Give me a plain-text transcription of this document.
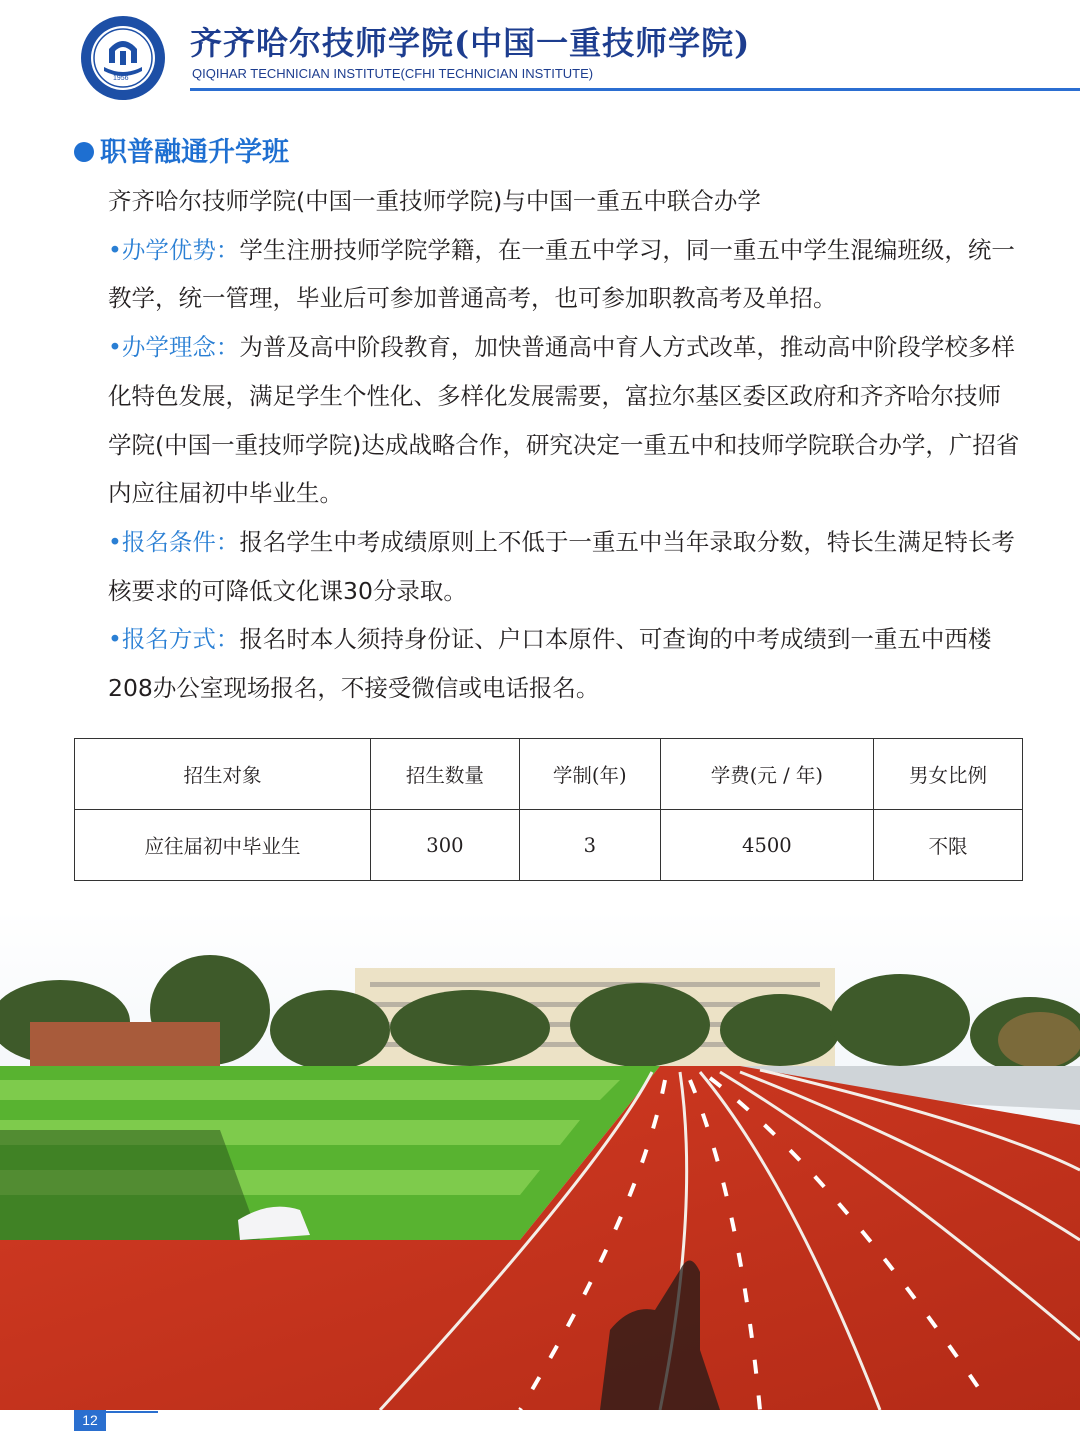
1956
齐齐哈尔技师学院(中国一重技师学院)
QIQIHAR TECHNICIAN INSTITUTE(CFHI TECHNICIAN INSTITUTE)
职普融通升学班

齐齐哈尔技师学院(中国一重技师学院)与中国一重五中联合办学

•办学优势：学生注册技师学院学籍，在一重五中学习，同一重五中学生混编班级，统一教学，统一管理，毕业后可参加普通高考，也可参加职教高考及单招。

•办学理念：为普及高中阶段教育，加快普通高中育人方式改革，推动高中阶段学校多样化特色发展，满足学生个性化、多样化发展需要，富拉尔基区委区政府和齐齐哈尔技师学院(中国一重技师学院)达成战略合作，研究决定一重五中和技师学院联合办学，广招省内应往届初中毕业生。

•报名条件：报名学生中考成绩原则上不低于一重五中当年录取分数，特长生满足特长考核要求的可降低文化课30分录取。

•报名方式：报名时本人须持身份证、户口本原件、可查询的中考成绩到一重五中西楼208办公室现场报名，不接受微信或电话报名。

招生对象	招生数量	学制(年)	学费(元 / 年)	男女比例
应往届初中毕业生	300	3	4500	不限
12
